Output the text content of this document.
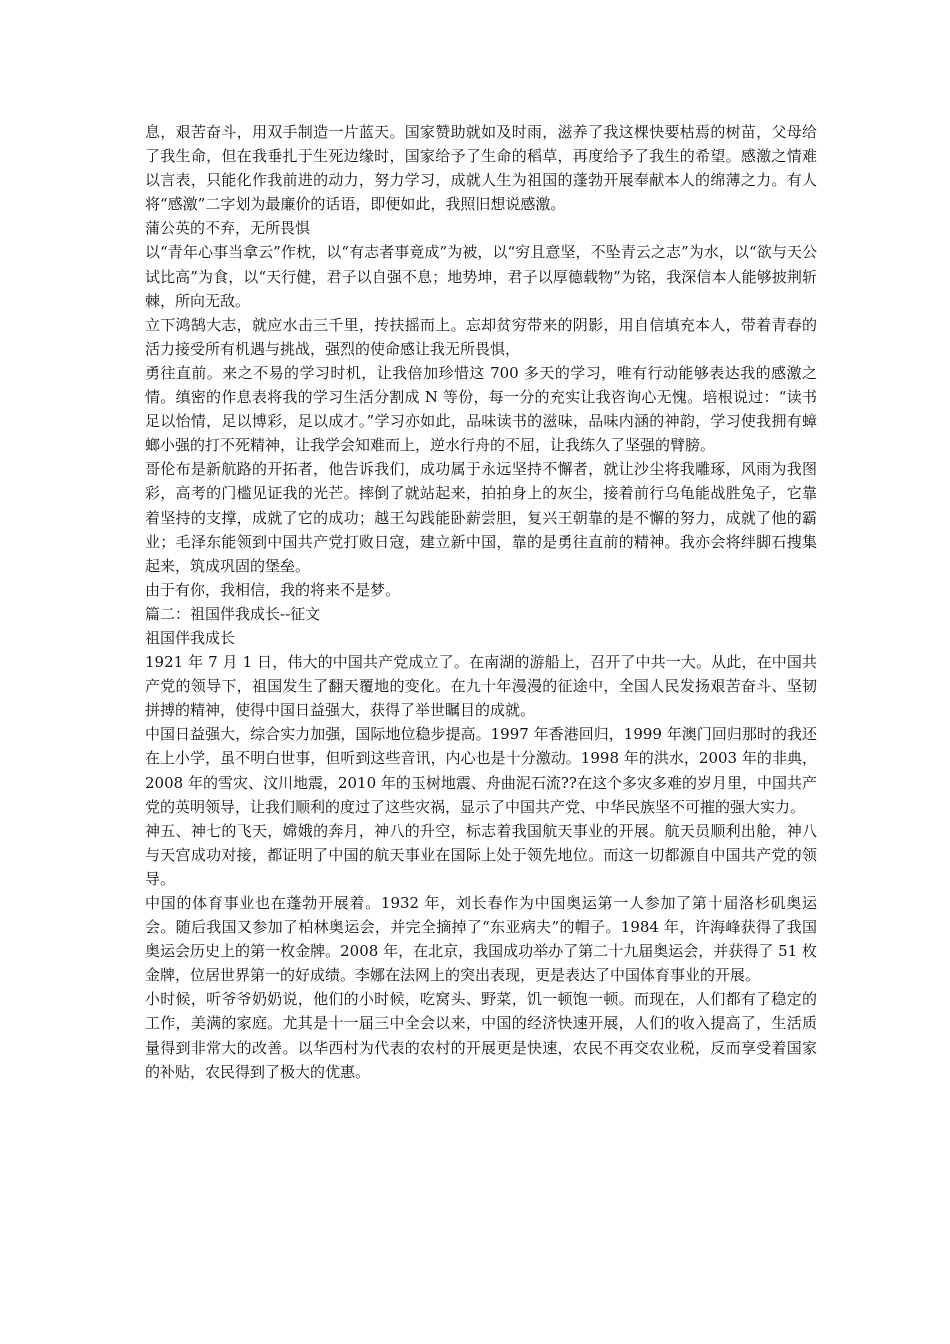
息，艰苦奋斗，用双手制造一片蓝天。国家赞助就如及时雨，滋养了我这棵快要枯焉的树苗，父母给了我生命，但在我垂扎于生死边缘时，国家给予了生命的稻草，再度给予了我生的希望。感激之情难以言表，只能化作我前进的动力，努力学习，成就人生为祖国的蓬勃开展奉献本人的绵薄之力。有人将“感激”二字划为最廉价的话语，即便如此，我照旧想说感激。

蒲公英的不弃，无所畏惧

以“青年心事当拿云”作枕，以“有志者事竟成”为被，以“穷且意坚，不坠青云之志”为水，以“欲与天公试比高”为食，以“天行健，君子以自强不息；地势坤，君子以厚德载物”为铭，我深信本人能够披荆斩棘，所向无敌。

立下鸿鹄大志，就应水击三千里，抟扶摇而上。忘却贫穷带来的阴影，用自信填充本人，带着青春的活力接受所有机遇与挑战，强烈的使命感让我无所畏惧，

勇往直前。来之不易的学习时机，让我倍加珍惜这 700 多天的学习，唯有行动能够表达我的感激之情。缜密的作息表将我的学习生活分割成 N 等份，每一分的充实让我咨询心无愧。培根说过：“读书足以怡情，足以博彩，足以成才。”学习亦如此，品味读书的滋味，品味内涵的神韵，学习使我拥有蟑螂小强的打不死精神，让我学会知难而上，逆水行舟的不屈，让我练久了坚强的臂膀。

哥伦布是新航路的开拓者，他告诉我们，成功属于永远坚持不懈者，就让沙尘将我雕琢，风雨为我图彩，高考的门槛见证我的光芒。摔倒了就站起来，拍拍身上的灰尘，接着前行乌龟能战胜兔子，它靠着坚持的支撑，成就了它的成功；越王勾践能卧薪尝胆，复兴王朝靠的是不懈的努力，成就了他的霸业；毛泽东能领到中国共产党打败日寇，建立新中国，靠的是勇往直前的精神。我亦会将绊脚石搜集起来，筑成巩固的堡垒。

由于有你，我相信，我的将来不是梦。

篇二：祖国伴我成长--征文

祖国伴我成长

1921 年 7 月 1 日，伟大的中国共产党成立了。在南湖的游船上，召开了中共一大。从此，在中国共产党的领导下，祖国发生了翻天覆地的变化。在九十年漫漫的征途中，全国人民发扬艰苦奋斗、坚韧拼搏的精神，使得中国日益强大，获得了举世瞩目的成就。

中国日益强大，综合实力加强，国际地位稳步提高。1997 年香港回归，1999 年澳门回归那时的我还在上小学，虽不明白世事，但听到这些音讯，内心也是十分激动。1998 年的洪水，2003 年的非典，2008 年的雪灾、汶川地震，2010 年的玉树地震、舟曲泥石流??在这个多灾多难的岁月里，中国共产党的英明领导，让我们顺利的度过了这些灾祸，显示了中国共产党、中华民族坚不可摧的强大实力。

神五、神七的飞天，嫦娥的奔月，神八的升空，标志着我国航天事业的开展。航天员顺利出舱，神八与天宫成功对接，都证明了中国的航天事业在国际上处于领先地位。而这一切都源自中国共产党的领导。

中国的体育事业也在蓬勃开展着。1932 年，刘长春作为中国奥运第一人参加了第十届洛杉矶奥运会。随后我国又参加了柏林奥运会，并完全摘掉了“东亚病夫”的帽子。1984 年，许海峰获得了我国奥运会历史上的第一枚金牌。2008 年，在北京，我国成功举办了第二十九届奥运会，并获得了 51 枚金牌，位居世界第一的好成绩。李娜在法网上的突出表现，更是表达了中国体育事业的开展。

小时候，听爷爷奶奶说，他们的小时候，吃窝头、野菜，饥一顿饱一顿。而现在，人们都有了稳定的工作，美满的家庭。尤其是十一届三中全会以来，中国的经济快速开展，人们的收入提高了，生活质量得到非常大的改善。以华西村为代表的农村的开展更是快速，农民不再交农业税，反而享受着国家的补贴，农民得到了极大的优惠。
